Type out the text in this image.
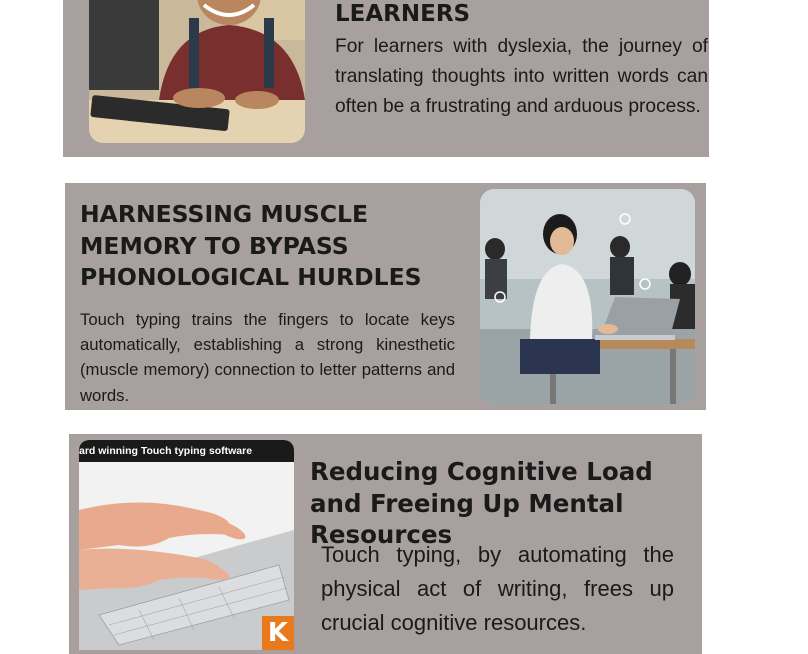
LEARNERS
For learners with dyslexia, the journey of translating thoughts into written words can often be a frustrating and arduous process.
HARNESSING MUSCLE MEMORY TO BYPASS PHONOLOGICAL HURDLES
Touch typing trains the fingers to locate keys automatically, establishing a strong kinesthetic (muscle memory) connection to letter patterns and words.
ard winning Touch typing software
K
Reducing Cognitive Load and Freeing Up Mental Resources
Touch typing, by automating the physical act of writing, frees up crucial cognitive resources.
